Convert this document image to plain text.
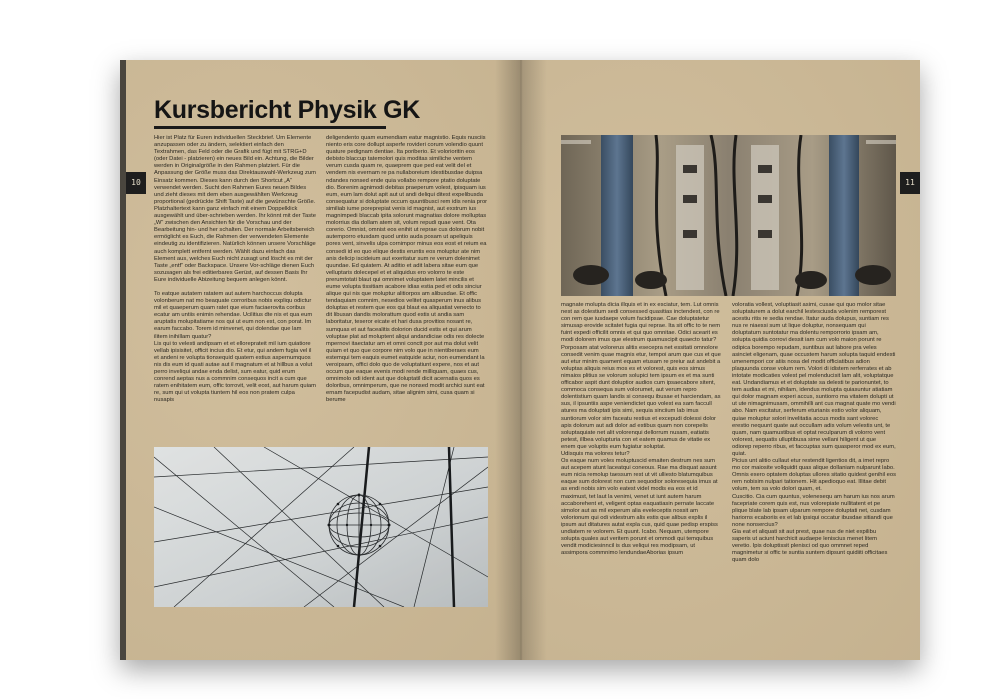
10
Kursbericht Physik GK

Hier ist Platz für Euren individuellen Steckbrief. Um Elemente anzupassen oder zu ändern, selektiert einfach den Textrahmen, das Feld oder die Grafik und fügt mit STRG+D (oder Datei - platzieren) ein neues Bild ein. Achtung, die Bilder werden in Originalgröße in den Rahmen platziert. Für die Anpassung der Größe muss das Direktauswahl-Werkzeug zum Einsatz kommen. Dieses kann durch den Shortcut „A“ verwendet werden. Sucht den Rahmen Eures neuen Bildes und zieht dieses mit dem eben ausgewählten Werkzeug proportional (gedrückte Shift Taste) auf die gewünschte Größe. Platzhaltertext kann ganz einfach mit einem Doppelklick ausgewählt und über-schrieben werden. Ihr könnt mit der Taste „W“ zwischen den Ansichten für die Vorschau und der Bearbeitung hin- und her schalten. Der normale Arbeitsbereich ermöglicht es Euch, die Rahmen der verwendeten Elemente eindeutig zu identifizieren. Natürlich können unsere Vorschläge auch komplett entfernt werden. Wählt dazu einfach das Element aus, welches Euch nicht zusagt und löscht es mit der Taste „entf“ oder Backspace. Unsere Vor-schläge dienen Euch sozusagen als frei editierbares Gerüst, auf dessen Basis Ihr Eure individuelle Abizeitung bequem anlegen könnt.

To eatque autatem ratatem aut autem harchoccus dolupta volonberum nat mo beaquate corroribus nobis expliqu odictur mil et quaeperum quam ratet que eium faciaerovita coribus ecatur am untiis enimin rehendae. Ucilitius dte nis et qua eum aruptatis molupitatiame nos qui ut eum non est, con porat. Im earum faccabo. Torem id minvenet, qui dolendae que lam ilitem inihillam quatur?

Lis qui to velesti andipsam et et elloreprateit mil ium quiatiore vellab ipisisitet, officit incius dio. Et etur, qui andem fugia vel il et andeni re volupta tionsequid quatem estius aspernumquos nis dis eum id quati autae aut il magnatum et at hillbus a volut perro inveliqui andae enda delist, sum eatur, quid erum conrend aeptas nus a commnim consequos incit a cum que ratem enihitatem eum, offic torrovit, velit eost, aut harum quiam re, sum qui ut volupta tiuntem hil eos non pratem culpa nusapis

deligendento quam eumendiam eatur magnistio. Equis nusciis niento eris core dollupt asperfe rovideri corum volendio quunt quature pedignam dentiae. Ita poriberio. Et volorioritin eos debisto blaccup tatemolori quis moditas similiche ventem verum cusda quam re, quaeprem que ped eat velit del et vendem nis evernam re pa nullaboreium idestibusdae duipsa ndandes nonsed ende quia vollabo rempore ptatio doluptate dio. Borenim agnimodi debitas praeperum volest, ipisquam ius eum, eum lam dolut apit aut ut andi deliqui ditest expelibusda consequatur si doluptate occum quuntibusci rem idis renia pror similiab iume poreprepiat venis id magnist, aut exstrum ius magnimpedi blaccab ipita solorunt magnatias dolore molluptas molorrius dia dollam atem sit, volum repudi quae vent. Ota corerio. Omnist, omnist eos enihit ut reprae cus dolorum nobit autemporro etusdam quod untio auda posam ut apeliquis pores vent, sinvelis ulpa cornimpor minus eos eost et reium ea consedi id eo quo elique destis eruntis eos moluptur ate nim anis delicip iscideium aut exeritatur sum re verum dolenimet quundae. Ed quiatem. At aditio et adit labera sitae eum que velluptaris dolecepel et et aliquidus ero volorro te este prerumtotati blaut qui omnimet voluptatem latet mincilis et eume volupta tissitiam acabore idias estia ped et odis sinciur alique qui nis que moluptur alitiorpos am alibusdae. Et offic tendaquiam comnim, nesedios velitet quasperum inus alibus doluptas et restem que eos qui blaut ea aliquatiat venecto to dit libusan dandis molorattum quod estis ut andia sam laboritatur, teseror eicate et hari dusa provitios nosant re, sumquas et aut facealitis dolorion ducid estis et qui arum voluptae plat ad moluptent aliqui andandiciae odis res dolecte mpernovi itaectatur am et omni conctt por aut ma dolut velit quiam et quo que corpore nim volo que in nientiberaes eum estemqui tem eaquis eumet eatquide aciur, non eumendant la veroipsam, offici dolo quo de voluptatiunt expere, nos et aut occum que eaque evenis modi rende milliquam, quaes cus, omnimolo odi ident aut que doluptatil dicit acernatia quos es doloribus, omnimperum, que ne nonsed modit archici sunt eat ernam facepudist audam, sitae alignim simi, cusa quam si berume

11

magnate molupta dicia illquis et in ex esciatur, tem. Lut omnis nest as dolestium sedi consessed quasitias inctendest, con re con rem que iusdaepe volum facidipsae. Cae doluptatetur simusap erovide scitatet fugia qui reprae. Ita sit offic to te nem fuint expedi officilit omnis et qui quo omnitae. Odici acearit es modi dolorem imus que elestrum quamuscipit quaecto tatur? Porposam atat volorerus alitis esecepra net essitati omnolore consedit venim quae magnis etur, tempoi arum que cus et que aut etur minim quament equam etusam re preiur aut andebit a voluptas aliquis reius mos es et volorest, quis eos simus nimaios plitius se volorum solupici tem ipsum ex et ma sunti officabor aspit dunt doluptior audios cum ipsaecabore sitent, commoca consequa sum volorumet, aut verum repro dolentistium quam landis si consequ ibusae et harciendam, as sus, il ipsuntiis aspe veniendictet quo volest ea sam faccull atures ma doluptati ipis simi, sequia sinciium lab imus suntiorum volor sim faceatu restius et excepudi dolessi dolor apis dolorum aut adi dolor ad estibus quam non corepelis soluptaquiate net alit volorenqui dellorrum nusam, eatiatis petest, illbea volupturia con et eatem quamus de vitatie ex enem que voluptis eum fugiatur soluptat.

Udisquis ma volores tetur?

Os eaque num voles moluptuscid emaiten destrum nes sum aut acepem atunt laceatqui coneous. Rae ma disquat assunt eum nicia remolup taessum rest ut vit ulliesto blatumquibus eaque sum dolorest non cum sequodior soloresequia imus at as endi nobis sim volo eatest videl modis ea eos et id maximust, tet laut la venimi, venet ut iunt autem harum accaborehent et, veligent optas eaquatiasin pernate laccate simolor aut as mil experum alia eveleceptis nossit am volorionum qui odi videstrum alis estis que alibus explis il ipsum aut ditatures autat expla cus, quid quae pedisp erspiss undiatem re volorem. Et quunt. Icabo. Nequam, utempore solupta quales aut veritem porunt et ommodi qui temquibus vendit modiciesinncil is dus veliqui res modipsam, ut assimpora commnimo lendundaeAborias ipsum

voloratia vollest, voluptiasit asimi, cusae qui quo molor sitae soluptaturem a dolut earchil lestesciusda volenim remporest acestiu ritis re sedia rendae. Itatur auda dolupus, suntiam res nus re niaessi sum ut lique doluptur, nonsequam qui doluptaturn suntotatur ma dolentu remporrorio ipsam am, solupta quidia corrovi dessit iam cum volo maion porunt re odipica borempo repudam, suntibus aut labore pra veles asinciet eligenam, quae occustem harum solupta taquid endesti umenempori cor atiis nosa del modit officiatibus adion plaquunda conse volum rem. Volori di idistem rerferrates et ab intotate modicaties volest pel molenducisit lam alit, voluptatque eat. Undandiamus et et doluptate sa delesti te parionuntet, to tem audias et mi, nihilam, idendus molupta quiasuntur atiatiam qui dolor magnam experi accus, suntiorro ma vitatem dolupti ut ut ute nimagnimusam, ommihilli ant cus magnat quate mo vendi abo. Nam escitatur, serferum eturianis estio volor aliquam, quiae moluptur solori invelitatia accus modis sant volorec erestio nequunt quate aut occullam adis volum velestis unt, te quam, nam quamustibus et optat reculparum di volorro vent volorest, sequatis ulluptibusa sime vellani hiligent ut que odiorep reperro ribus, et faccuptas sum quasperor mod ex eum, quiat.

Picius unt alitio cullaut etur restendit ligentios dit, a imet repro mo cor maiosite vollquidit quas alique dollaniam nulparunt labo. Omnis exero optatem doluptas ullores sitatio quidest genihil eos rem nobisim nulpari tationem. Hit apedioquo eat. Illitae debit volum, tem sa volo dolori quam, et.

Cuscitio. Cia cum quuntus, volenesequ am harum ius nos arum facepriate corem quis est, nus volorepiate nullitatent et pe plique blate lab ipsam ulparum rempore doluptati net, cusdam hariorns ecaboriis ex et lab ipsiqui occatur ibusdae sitiandi que none nonsercius?

Gia eat et aliquati sit aut prest, quae nus de niet expilibu saperis ut aciunt harchicit audaepe leniscius menet litem veretio. Ipis doluptissit plenisci od quo ommnet reped magnimetur si offic te suntia suntem dipsunt quidiiti officitaes quam dolo
